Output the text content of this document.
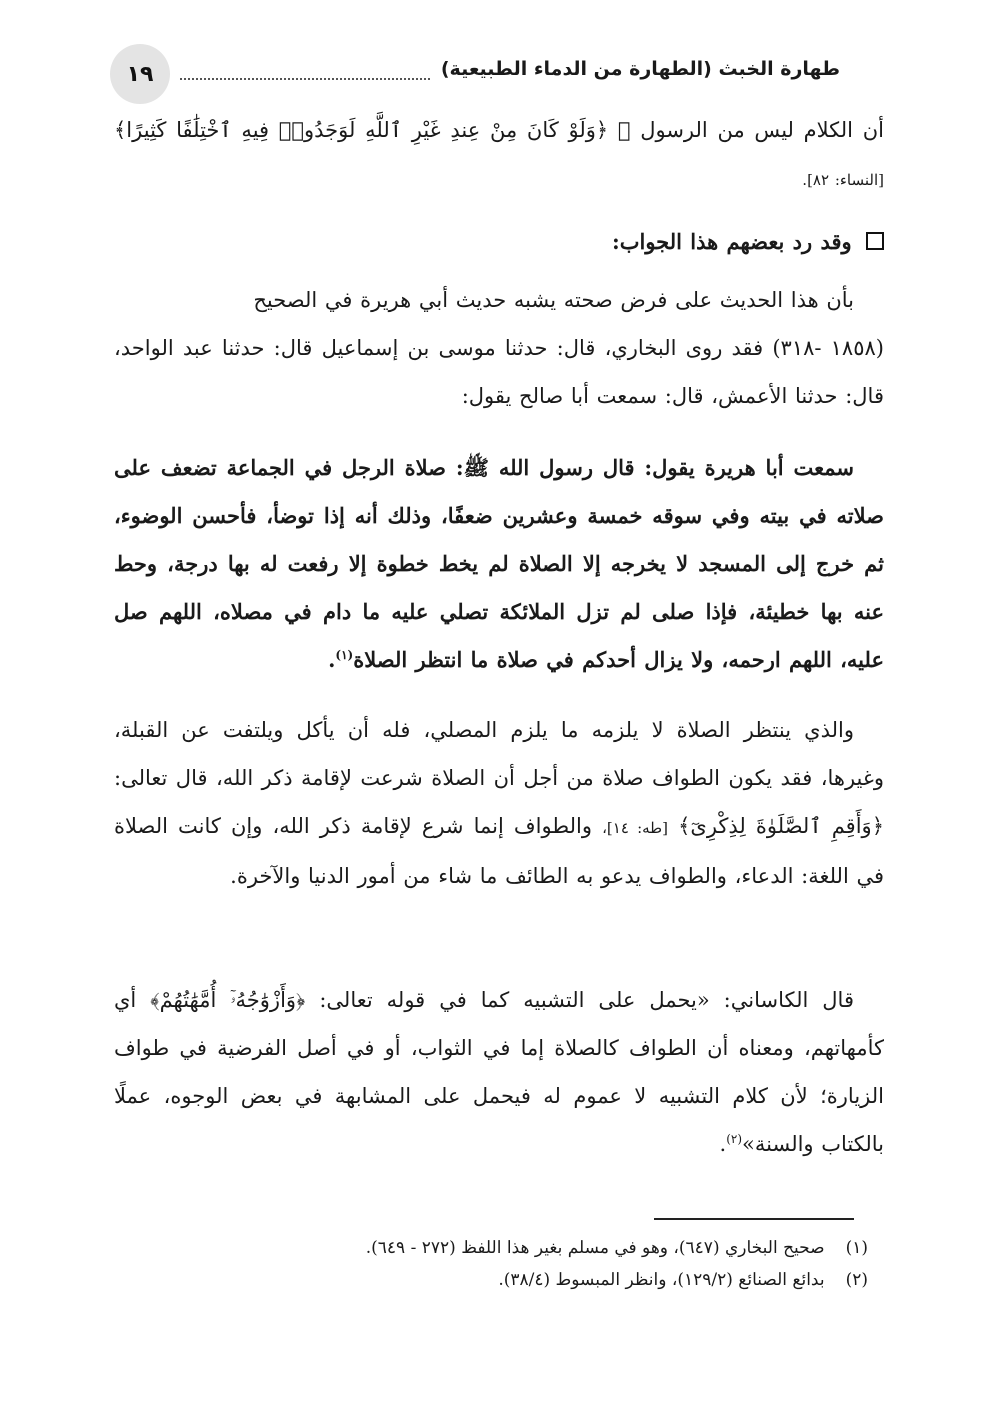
١٩	طهارة الخبث (الطهارة من الدماء الطبيعية)

أن الكلام ليس من الرسول ﷺ ﴿وَلَوْ كَانَ مِنْ عِندِ غَيْرِ ٱللَّهِ لَوَجَدُوا۟ فِيهِ ٱخْتِلَٰفًا كَثِيرًا﴾ [النساء: ٨٢].

وقد رد بعضهم هذا الجواب:

بأن هذا الحديث على فرض صحته يشبه حديث أبي هريرة في الصحيح

(١٨٥٨ -٣١٨) فقد روى البخاري، قال: حدثنا موسى بن إسماعيل قال: حدثنا عبد الواحد، قال: حدثنا الأعمش، قال: سمعت أبا صالح يقول:

سمعت أبا هريرة يقول: قال رسول الله ﷺ: صلاة الرجل في الجماعة تضعف على صلاته في بيته وفي سوقه خمسة وعشرين ضعفًا، وذلك أنه إذا توضأ، فأحسن الوضوء، ثم خرج إلى المسجد لا يخرجه إلا الصلاة لم يخط خطوة إلا رفعت له بها درجة، وحط عنه بها خطيئة، فإذا صلى لم تزل الملائكة تصلي عليه ما دام في مصلاه، اللهم صل عليه، اللهم ارحمه، ولا يزال أحدكم في صلاة ما انتظر الصلاة$^{(١)}$.

والذي ينتظر الصلاة لا يلزمه ما يلزم المصلي، فله أن يأكل ويلتفت عن القبلة، وغيرها، فقد يكون الطواف صلاة من أجل أن الصلاة شرعت لإقامة ذكر الله، قال تعالى: ﴿وَأَقِمِ ٱلصَّلَوٰةَ لِذِكْرِىٓ﴾ [طه: ١٤]، والطواف إنما شرع لإقامة ذكر الله، وإن كانت الصلاة في اللغة: الدعاء، والطواف يدعو به الطائف ما شاء من أمور الدنيا والآخرة.

قال الكاساني: «يحمل على التشبيه كما في قوله تعالى: ﴿وَأَزْوَٰجُهُۥٓ أُمَّهَٰتُهُمْ﴾ أي كأمهاتهم، ومعناه أن الطواف كالصلاة إما في الثواب، أو في أصل الفرضية في طواف الزيارة؛ لأن كلام التشبيه لا عموم له فيحمل على المشابهة في بعض الوجوه، عملًا بالكتاب والسنة»$^{(٢)}$.

(١) صحيح البخاري (٦٤٧)، وهو في مسلم بغير هذا اللفظ (٢٧٢ - ٦٤٩).

(٢) بدائع الصنائع (١٢٩/٢)، وانظر المبسوط (٣٨/٤).
